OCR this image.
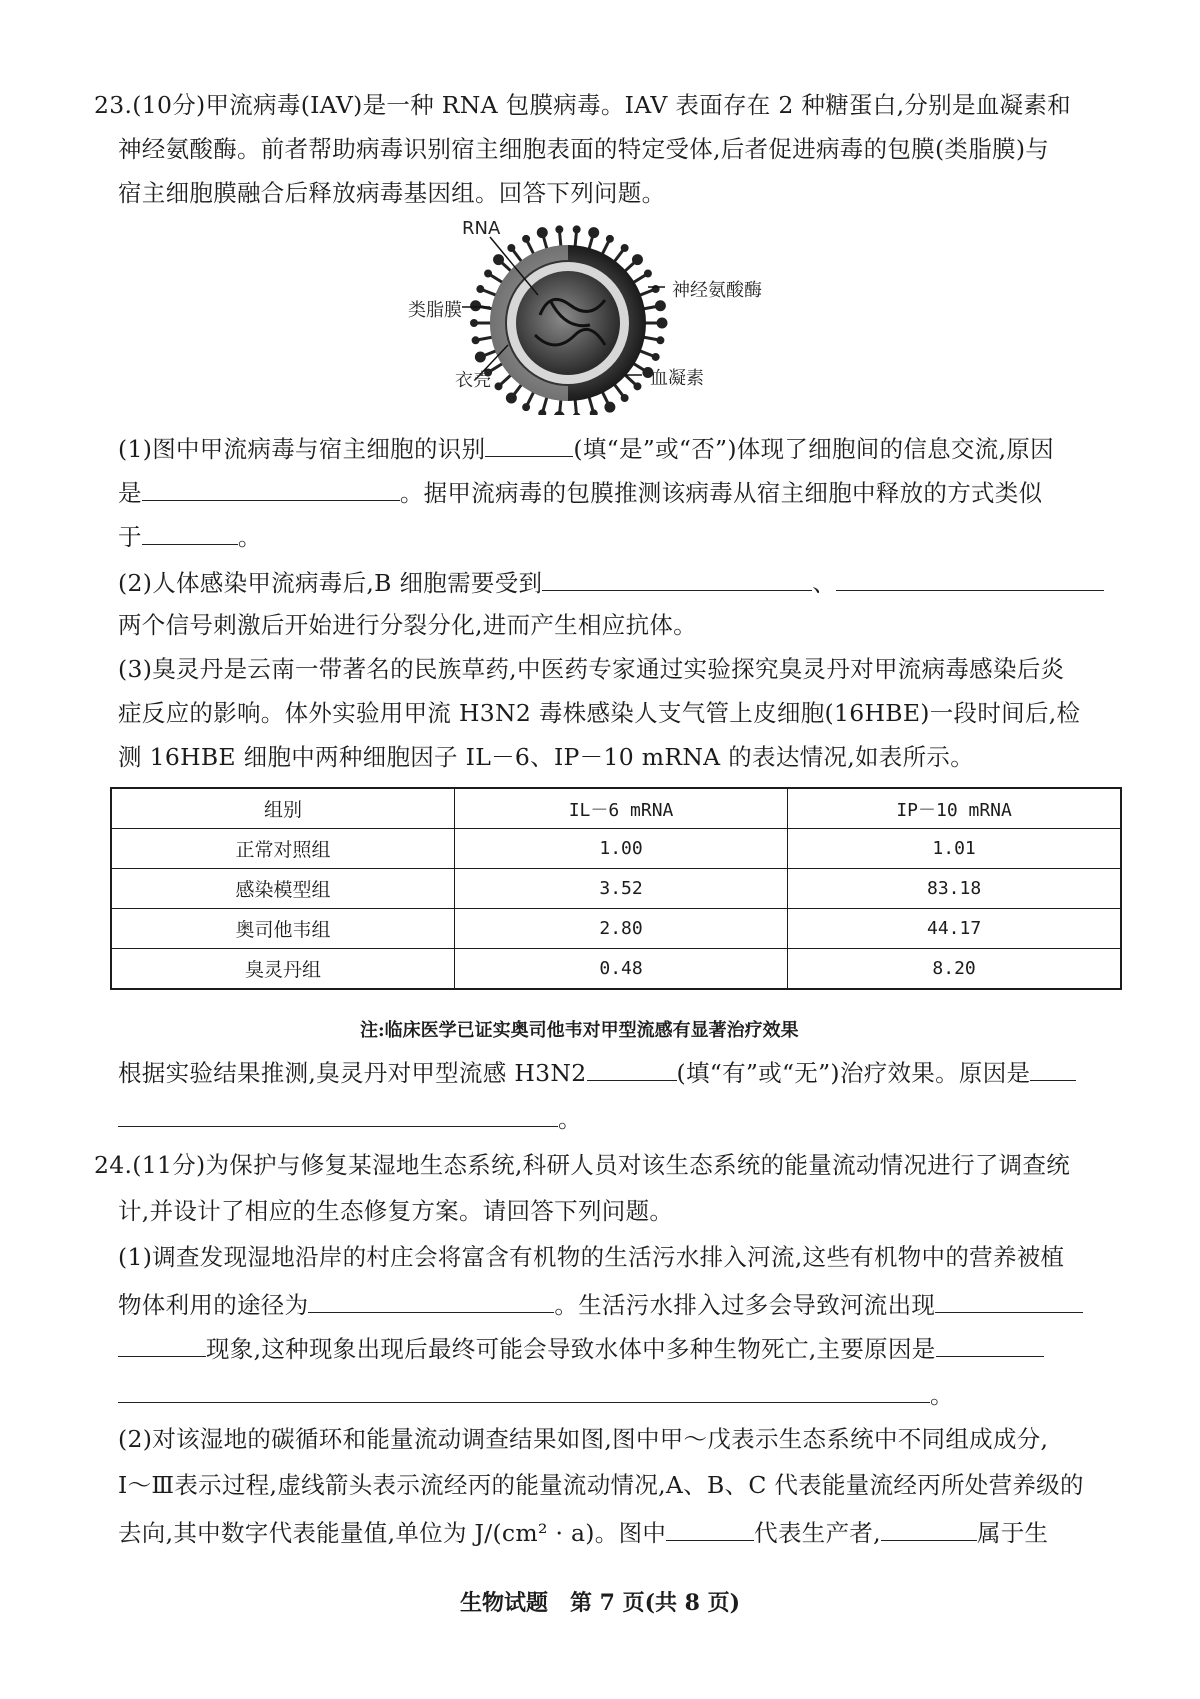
23.(10分)甲流病毒(IAV)是一种 RNA 包膜病毒。IAV 表面存在 2 种糖蛋白,分别是血凝素和
神经氨酸酶。前者帮助病毒识别宿主细胞表面的特定受体,后者促进病毒的包膜(类脂膜)与
宿主细胞膜融合后释放病毒基因组。回答下列问题。
RNA
神经氨酸酶
类脂膜
衣壳	血凝素
(1)图中甲流病毒与宿主细胞的识别	(填“是”或“否”)体现了细胞间的信息交流,原因
是	。据甲流病毒的包膜推测该病毒从宿主细胞中释放的方式类似
于	。
(2)人体感染甲流病毒后,B 细胞需要受到	、
两个信号刺激后开始进行分裂分化,进而产生相应抗体。
(3)臭灵丹是云南一带著名的民族草药,中医药专家通过实验探究臭灵丹对甲流病毒感染后炎
症反应的影响。体外实验用甲流 H3N2 毒株感染人支气管上皮细胞(16HBE)一段时间后,检
测 16HBE 细胞中两种细胞因子 IL－6、IP－10 mRNA 的表达情况,如表所示。
组别	IL－6 mRNA	IP－10 mRNA
正常对照组	1.00	1.01
感染模型组	3.52	83.18
奥司他韦组	2.80	44.17
臭灵丹组	0.48	8.20
注:临床医学已证实奥司他韦对甲型流感有显著治疗效果
根据实验结果推测,臭灵丹对甲型流感 H3N2	(填“有”或“无”)治疗效果。原因是
。
24.(11分)为保护与修复某湿地生态系统,科研人员对该生态系统的能量流动情况进行了调查统
计,并设计了相应的生态修复方案。请回答下列问题。
(1)调查发现湿地沿岸的村庄会将富含有机物的生活污水排入河流,这些有机物中的营养被植
物体利用的途径为	。生活污水排入过多会导致河流出现
现象,这种现象出现后最终可能会导致水体中多种生物死亡,主要原因是
。
(2)对该湿地的碳循环和能量流动调查结果如图,图中甲～戊表示生态系统中不同组成成分,
Ⅰ～Ⅲ表示过程,虚线箭头表示流经丙的能量流动情况,A、B、C 代表能量流经丙所处营养级的
去向,其中数字代表能量值,单位为 J/(cm² · a)。图中	代表生产者,	属于生
生物试题　第 7 页(共 8 页)
